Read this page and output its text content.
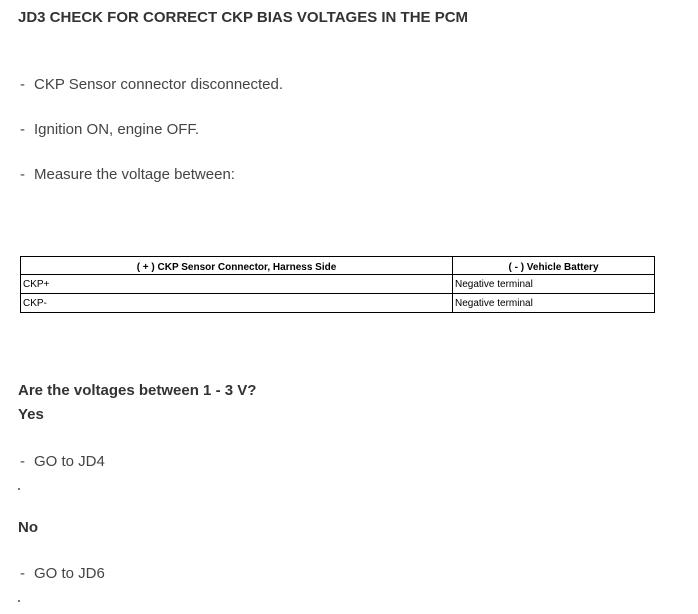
JD3 CHECK FOR CORRECT CKP BIAS VOLTAGES IN THE PCM
- CKP Sensor connector disconnected.
- Ignition ON, engine OFF.
- Measure the voltage between:
( + ) CKP Sensor Connector, Harness Side	( - ) Vehicle Battery
CKP+	Negative terminal
CKP-	Negative terminal
Are the voltages between 1 - 3 V?
Yes
- GO to JD4
No
- GO to JD6
